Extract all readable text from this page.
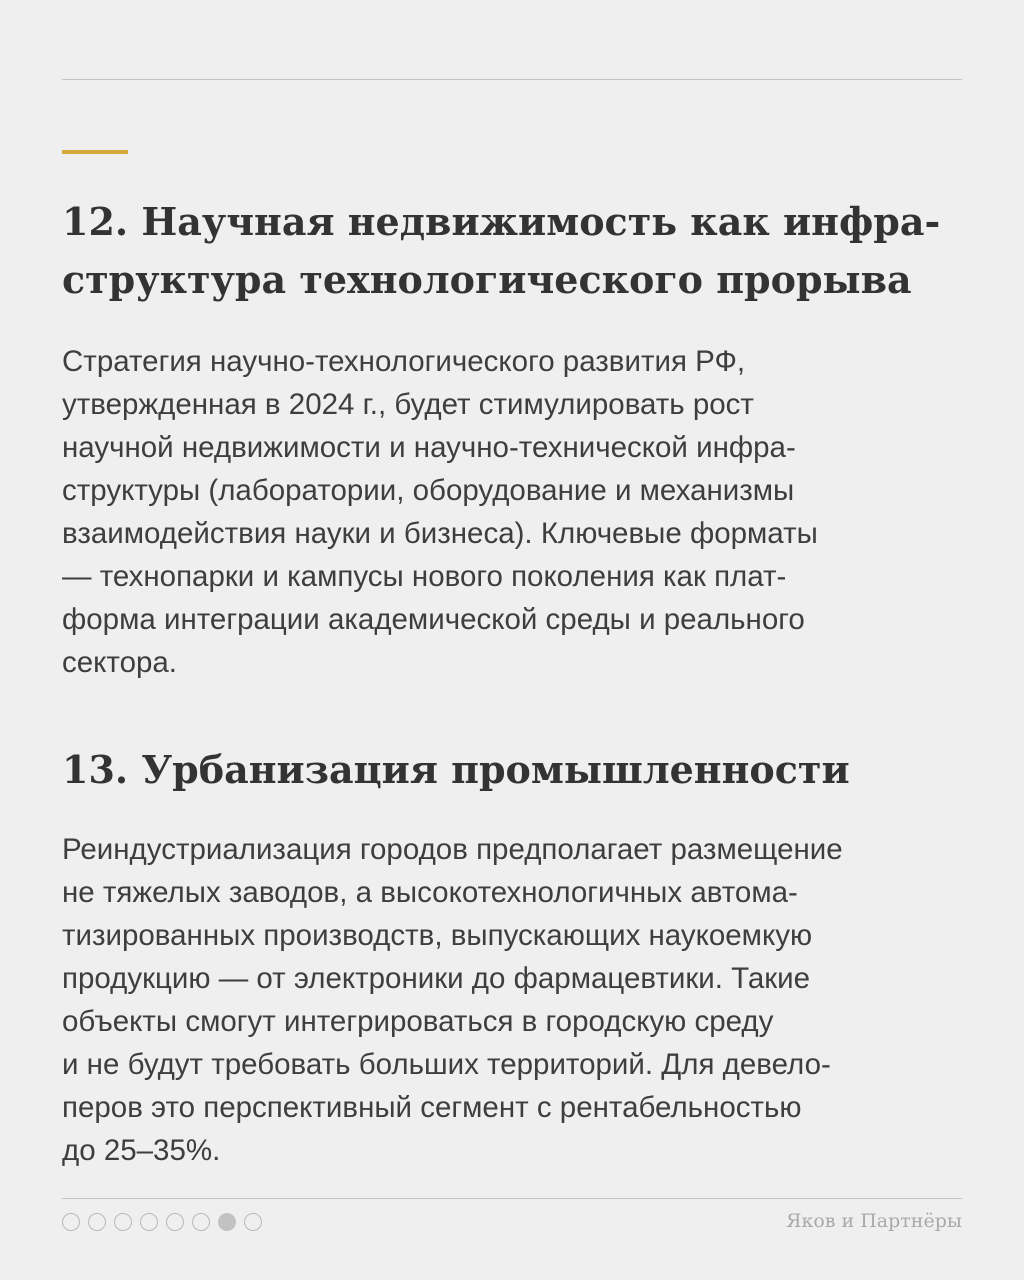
12. Научная недвижимость как инфра-
структура технологического прорыва
Стратегия научно-технологического развития РФ,
утвержденная в 2024 г., будет стимулировать рост
научной недвижимости и научно-технической инфра-
структуры (лаборатории, оборудование и механизмы
взаимодействия науки и бизнеса). Ключевые форматы
— технопарки и кампусы нового поколения как плат-
форма интеграции академической среды и реального
сектора.
13. Урбанизация промышленности
Реиндустриализация городов предполагает размещение
не тяжелых заводов, а высокотехнологичных автома-
тизированных производств, выпускающих наукоемкую
продукцию — от электроники до фармацевтики. Такие
объекты смогут интегрироваться в городскую среду
и не будут требовать больших территорий. Для девело-
перов это перспективный сегмент с рентабельностью
до 25–35%.
Яков и Партнёры
